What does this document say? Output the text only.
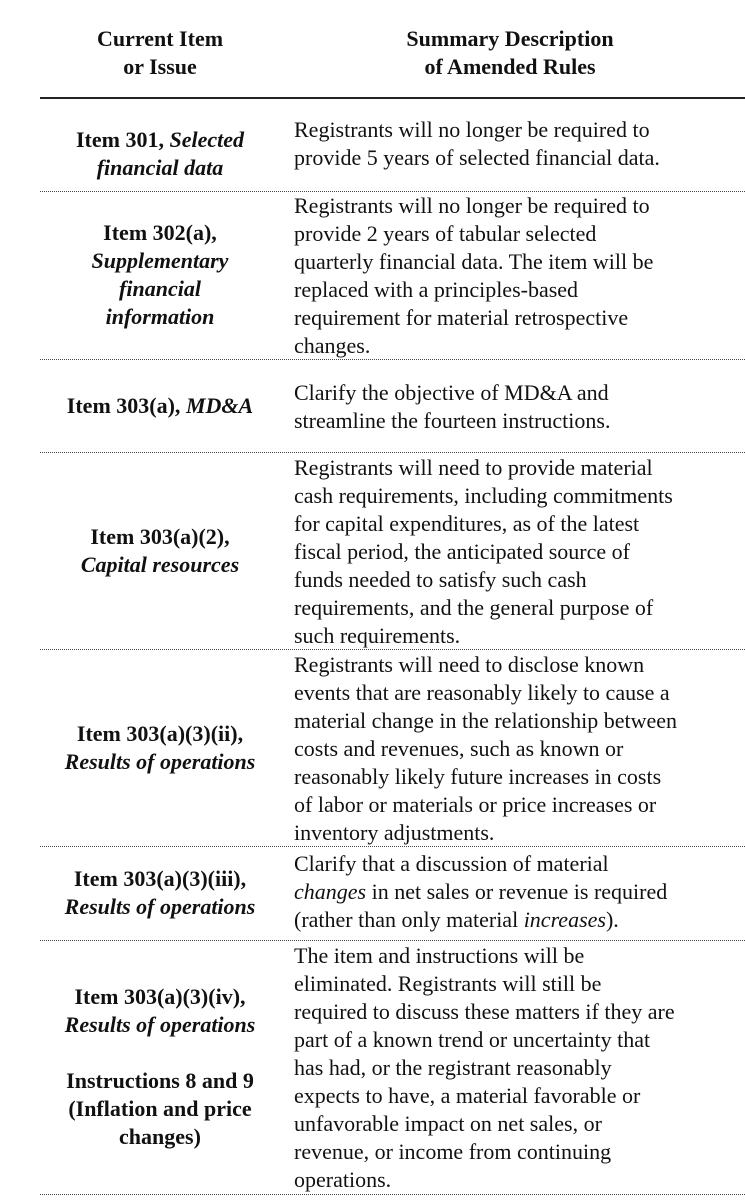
Current Item
or Issue
Summary Description
of Amended Rules
Item 301, Selected
financial data
Registrants will no longer be required to
provide 5 years of selected financial data.
Item 302(a),
Supplementary
financial
information
Registrants will no longer be required to
provide 2 years of tabular selected
quarterly financial data. The item will be
replaced with a principles-based
requirement for material retrospective
changes.
Item 303(a), MD&A Clarify the objective of MD&A and
streamline the fourteen instructions.
Item 303(a)(2),
Capital resources
Registrants will need to provide material
cash requirements, including commitments
for capital expenditures, as of the latest
fiscal period, the anticipated source of
funds needed to satisfy such cash
requirements, and the general purpose of
such requirements.
Item 303(a)(3)(ii),
Results of operations
Registrants will need to disclose known
events that are reasonably likely to cause a
material change in the relationship between
costs and revenues, such as known or
reasonably likely future increases in costs
of labor or materials or price increases or
inventory adjustments.
Item 303(a)(3)(iii),
Results of operations
Clarify that a discussion of material
changes in net sales or revenue is required
(rather than only material increases).
Item 303(a)(3)(iv),
Results of operations
Instructions 8 and 9
(Inflation and price
changes)
The item and instructions will be
eliminated. Registrants will still be
required to discuss these matters if they are
part of a known trend or uncertainty that
has had, or the registrant reasonably
expects to have, a material favorable or
unfavorable impact on net sales, or
revenue, or income from continuing
operations.
